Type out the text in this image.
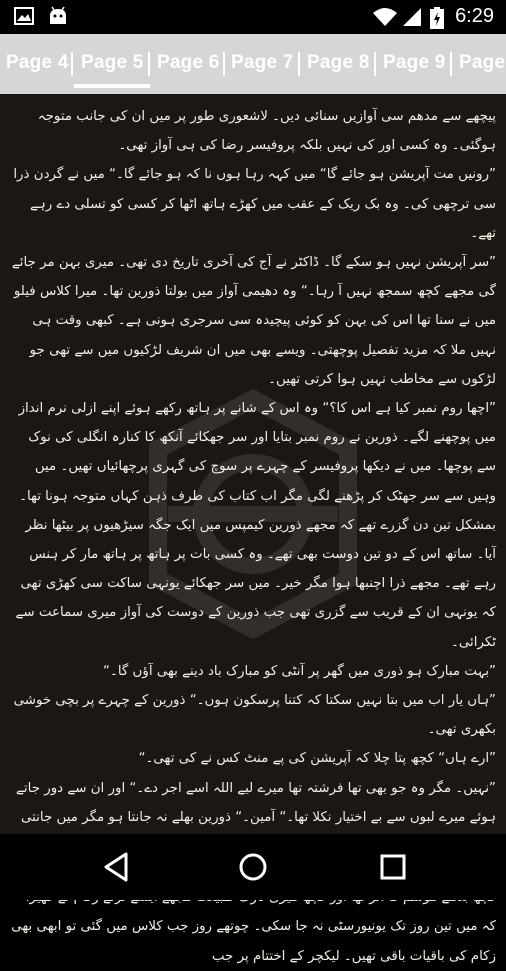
6:29
Page 4 Page 5 Page 6 Page 7 Page 8 Page 9 Page

پیچھے سے مدھم سی آوازیں سنائی دیں۔ لاشعوری طور پر میں ان کی جانب متوجہ ہوگئی۔ وہ کسی اور کی نہیں بلکہ پروفیسر رضا کی ہی آواز تھی۔

”رونیں مت آپریشن ہو جائے گا“ میں کہہ رہا ہوں نا کہ ہو جائے گا۔“ میں نے گردن ذرا سی ترچھی کی۔ وہ بک ریک کے عقب میں کھڑے ہاتھ اٹھا کر کسی کو تسلی دے رہے تھے۔

”سر آپریشن نہیں ہو سکے گا۔ ڈاکٹر نے آج کی آخری تاریخ دی تھی۔ میری بہن مر جائے گی مجھے کچھ سمجھ نہیں آ رہا۔“ وہ دھیمی آواز میں بولتا ذورین تھا۔ میرا کلاس فیلو میں نے سنا تھا اس کی بہن کو کوئی پیچیدہ سی سرجری ہونی ہے۔ کبھی وقت ہی نہیں ملا کہ مزید تفصیل پوچھتی۔ ویسے بھی میں ان شریف لڑکیوں میں سے تھی جو لڑکوں سے مخاطب نہیں ہوا کرتی تھیں۔

”اچھا روم نمبر کیا ہے اس کا؟“ وہ اس کے شانے پر ہاتھ رکھے ہوئے اپنے ازلی نرم انداز میں پوچھنے لگے۔ ذورین نے روم نمبر بتایا اور سر جھکائے آنکھ کا کنارہ انگلی کی نوک سے پوچھا۔ میں نے دیکھا پروفیسر کے چہرے پر سوچ کی گہری پرچھائیاں تھیں۔ میں وہیں سے سر جھٹک کر پڑھنے لگی مگر اب کتاب کی طرف ذہن کہاں متوجہ ہونا تھا۔

بمشکل تین دن گزرے تھے کہ مجھے ذورین کیمپس میں ایک جگہ سیڑھیوں پر بیٹھا نظر آیا۔ ساتھ اس کے دو تین دوست بھی تھے۔ وہ کسی بات پر ہاتھ پر ہاتھ مار کر ہنس رہے تھے۔ مجھے ذرا اچنبھا ہوا مگر خیر۔ میں سر جھکائے یونہی ساکت سی کھڑی تھی کہ یونہی ان کے قریب سے گزری تھی جب ذورین کے دوست کی آواز میری سماعت سے ٹکرائی۔

”بہت مبارک ہو ذوری میں گھر پر آنٹی کو مبارک باد دینے بھی آؤں گا۔“

”ہاں یار اب میں بتا نہیں سکتا کہ کتنا پرسکون ہوں۔“ ذورین کے چہرے پر بچی خوشی بکھری تھی۔

”ارے ہاں“ کچھ پتا چلا کہ آپریشن کی پے منٹ کس نے کی تھی۔“

”نہیں۔ مگر وہ جو بھی تھا فرشتہ تھا میرے لیے اللہ اسے اجر دے۔“ اور ان سے دور جاتے ہوئے میرے لبوں سے بے اختیار نکلا تھا۔“ آمین۔“ ذورین بھلے نہ جانتا ہو مگر میں جانتی

کہ میں تین روز تک یونیورسٹی نہ جا سکی۔ چوتھے روز جب کلاس میں گئی تو ابھی بھی زکام کی باقیات باقی تھیں۔ لیکچر کے اختتام پر جب
